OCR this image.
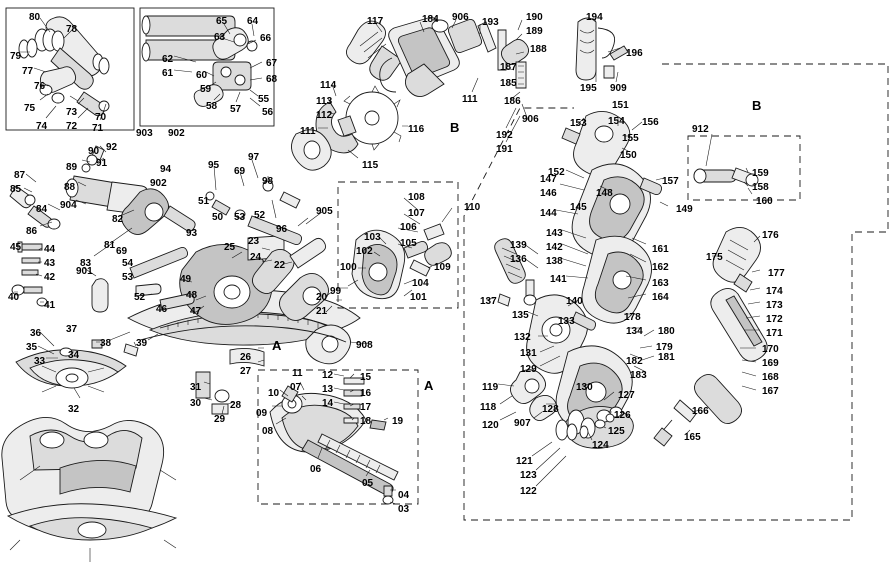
A
A
B
B
80
78
79
77
76
75
74
73
72 71
70
903 902
65 64
63	66
62
61
67
60	68
59
58 57
55
56
117	184 906 193	190
189
188
187
185
186
111
192
191
906
194
196
195 909
151
153 154 156
155
150
152
147
146	148
157
149
912
159
158
160
144
145
143
142
138
141
139
136
137
135
140
133
132
131
129
178
134 180
179
182 181
183
130
161
162
163
164
175
176
177
174
173
172
171
170
169
168
167
166
165
119
118
120 907
128
127
126
125
124
121
123
122
114
113
112
111	116
115
90
89
92
91
87
85	88
84
86
904
82
81
83
93
94
902
95
97
98
69
51
50 53 52
96
905
69
54
53
25
23
24
22
49
48
47
52
46
45 44
43
42
41
40
901
108
107
106
105
110
109
104
103
102
100
101
99
20
21
36
35
33
34
37
38 39
32
26
27
908
31
30	28
29
10
09
08
11
07
12
13
14
15
16
17
18 19
06
05
04
03
